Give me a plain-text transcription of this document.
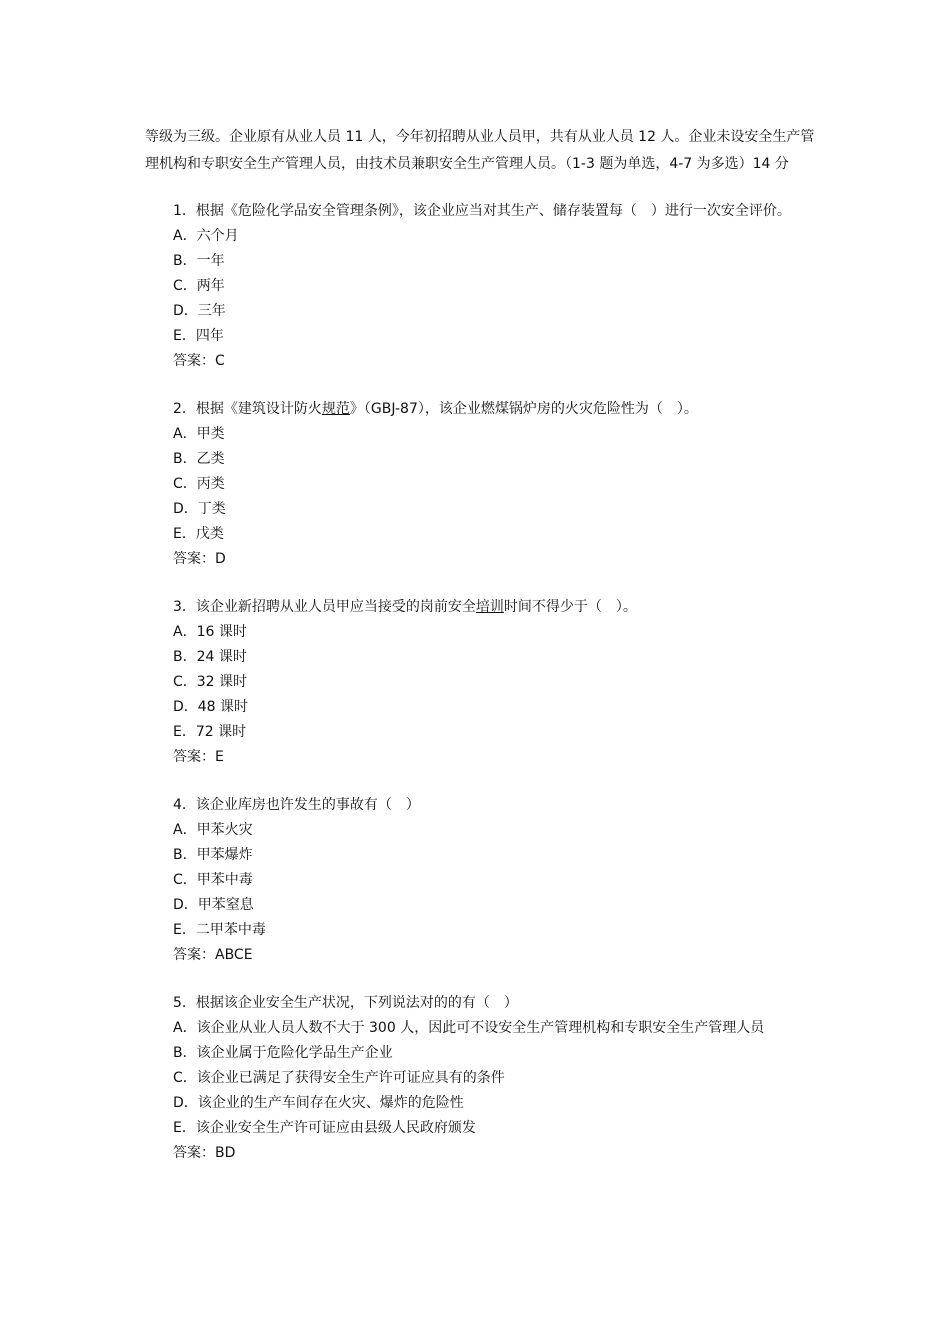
等级为三级。企业原有从业人员 11 人，今年初招聘从业人员甲，共有从业人员 12 人。企业未设安全生产管理机构和专职安全生产管理人员，由技术员兼职安全生产管理人员。（1-3 题为单选，4-7 为多选）14 分

1．根据《危险化学品安全管理条例》，该企业应当对其生产、储存装置每（　）进行一次安全评价。
A．六个月
B．一年
C．两年
D．三年
E．四年
答案：C
2．根据《建筑设计防火规范》（GBJ-87），该企业燃煤锅炉房的火灾危险性为（　）。
A．甲类
B．乙类
C．丙类
D．丁类
E．戊类
答案：D
3．该企业新招聘从业人员甲应当接受的岗前安全培训时间不得少于（　）。
A．16 课时
B．24 课时
C．32 课时
D．48 课时
E．72 课时
答案：E
4．该企业库房也许发生的事故有（　）
A．甲苯火灾
B．甲苯爆炸
C．甲苯中毒
D．甲苯窒息
E．二甲苯中毒
答案：ABCE
5．根据该企业安全生产状况，下列说法对的的有（　）
A．该企业从业人员人数不大于 300 人，因此可不设安全生产管理机构和专职安全生产管理人员
B．该企业属于危险化学品生产企业
C．该企业已满足了获得安全生产许可证应具有的条件
D．该企业的生产车间存在火灾、爆炸的危险性
E．该企业安全生产许可证应由县级人民政府颁发
答案：BD
